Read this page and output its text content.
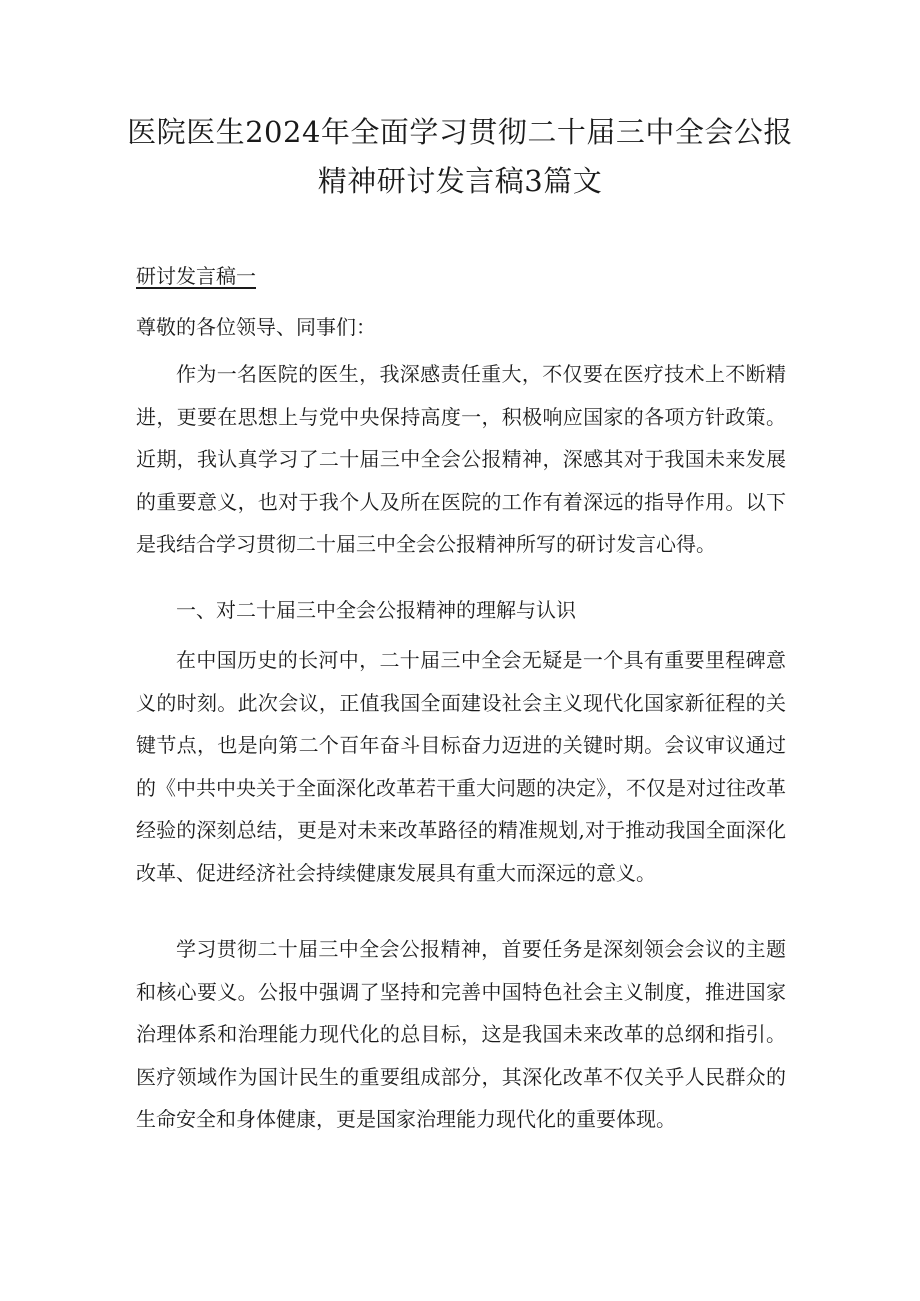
医院医生2024年全面学习贯彻二十届三中全会公报
精神研讨发言稿3篇文
研讨发言稿一
尊敬的各位领导、同事们：

作为一名医院的医生，我深感责任重大，不仅要在医疗技术上不断精进，更要在思想上与党中央保持高度一，积极响应国家的各项方针政策。近期，我认真学习了二十届三中全会公报精神，深感其对于我国未来发展的重要意义，也对于我个人及所在医院的工作有着深远的指导作用。以下是我结合学习贯彻二十届三中全会公报精神所写的研讨发言心得。

一、对二十届三中全会公报精神的理解与认识

在中国历史的长河中，二十届三中全会无疑是一个具有重要里程碑意义的时刻。此次会议，正值我国全面建设社会主义现代化国家新征程的关键节点，也是向第二个百年奋斗目标奋力迈进的关键时期。会议审议通过的《中共中央关于全面深化改革若干重大问题的决定》，不仅是对过往改革经验的深刻总结，更是对未来改革路径的精准规划,对于推动我国全面深化改革、促进经济社会持续健康发展具有重大而深远的意义。

学习贯彻二十届三中全会公报精神，首要任务是深刻领会会议的主题和核心要义。公报中强调了坚持和完善中国特色社会主义制度，推进国家治理体系和治理能力现代化的总目标，这是我国未来改革的总纲和指引。医疗领域作为国计民生的重要组成部分，其深化改革不仅关乎人民群众的生命安全和身体健康，更是国家治理能力现代化的重要体现。
